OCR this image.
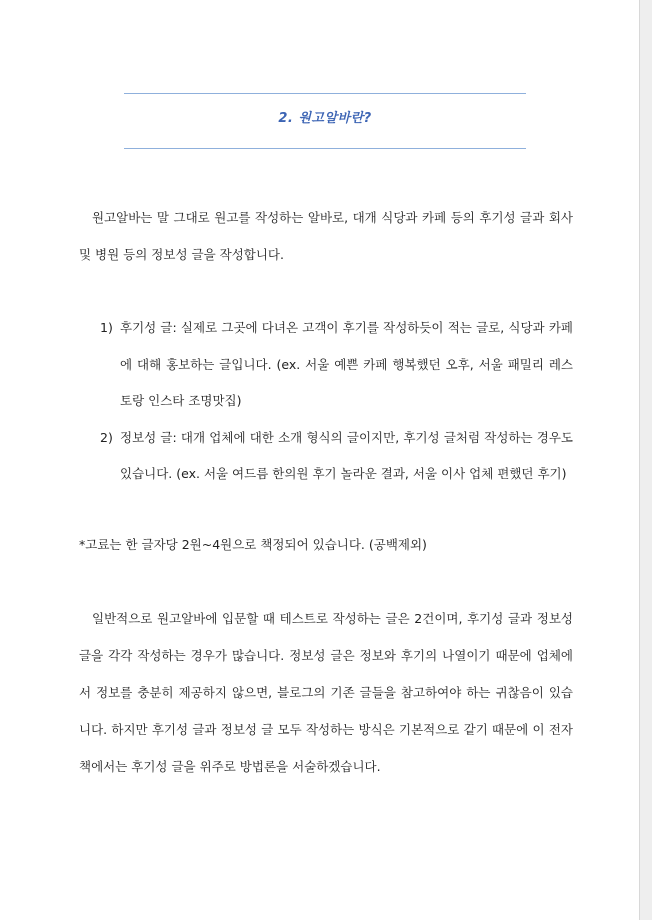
2. 원고알바란?

원고알바는 말 그대로 원고를 작성하는 알바로, 대개 식당과 카페 등의 후기성 글과 회사 및 병원 등의 정보성 글을 작성합니다.

1) 후기성 글: 실제로 그곳에 다녀온 고객이 후기를 작성하듯이 적는 글로, 식당과 카페에 대해 홍보하는 글입니다. (ex. 서울 예쁜 카페 행복했던 오후, 서울 패밀리 레스토랑 인스타 조명맛집)
2) 정보성 글: 대개 업체에 대한 소개 형식의 글이지만, 후기성 글처럼 작성하는 경우도 있습니다. (ex. 서울 여드름 한의원 후기 놀라운 결과, 서울 이사 업체 편했던 후기)

*고료는 한 글자당 2원~4원으로 책정되어 있습니다. (공백제외)

일반적으로 원고알바에 입문할 때 테스트로 작성하는 글은 2건이며, 후기성 글과 정보성 글을 각각 작성하는 경우가 많습니다. 정보성 글은 정보와 후기의 나열이기 때문에 업체에서 정보를 충분히 제공하지 않으면, 블로그의 기존 글들을 참고하여야 하는 귀찮음이 있습니다. 하지만 후기성 글과 정보성 글 모두 작성하는 방식은 기본적으로 같기 때문에 이 전자책에서는 후기성 글을 위주로 방법론을 서술하겠습니다.
